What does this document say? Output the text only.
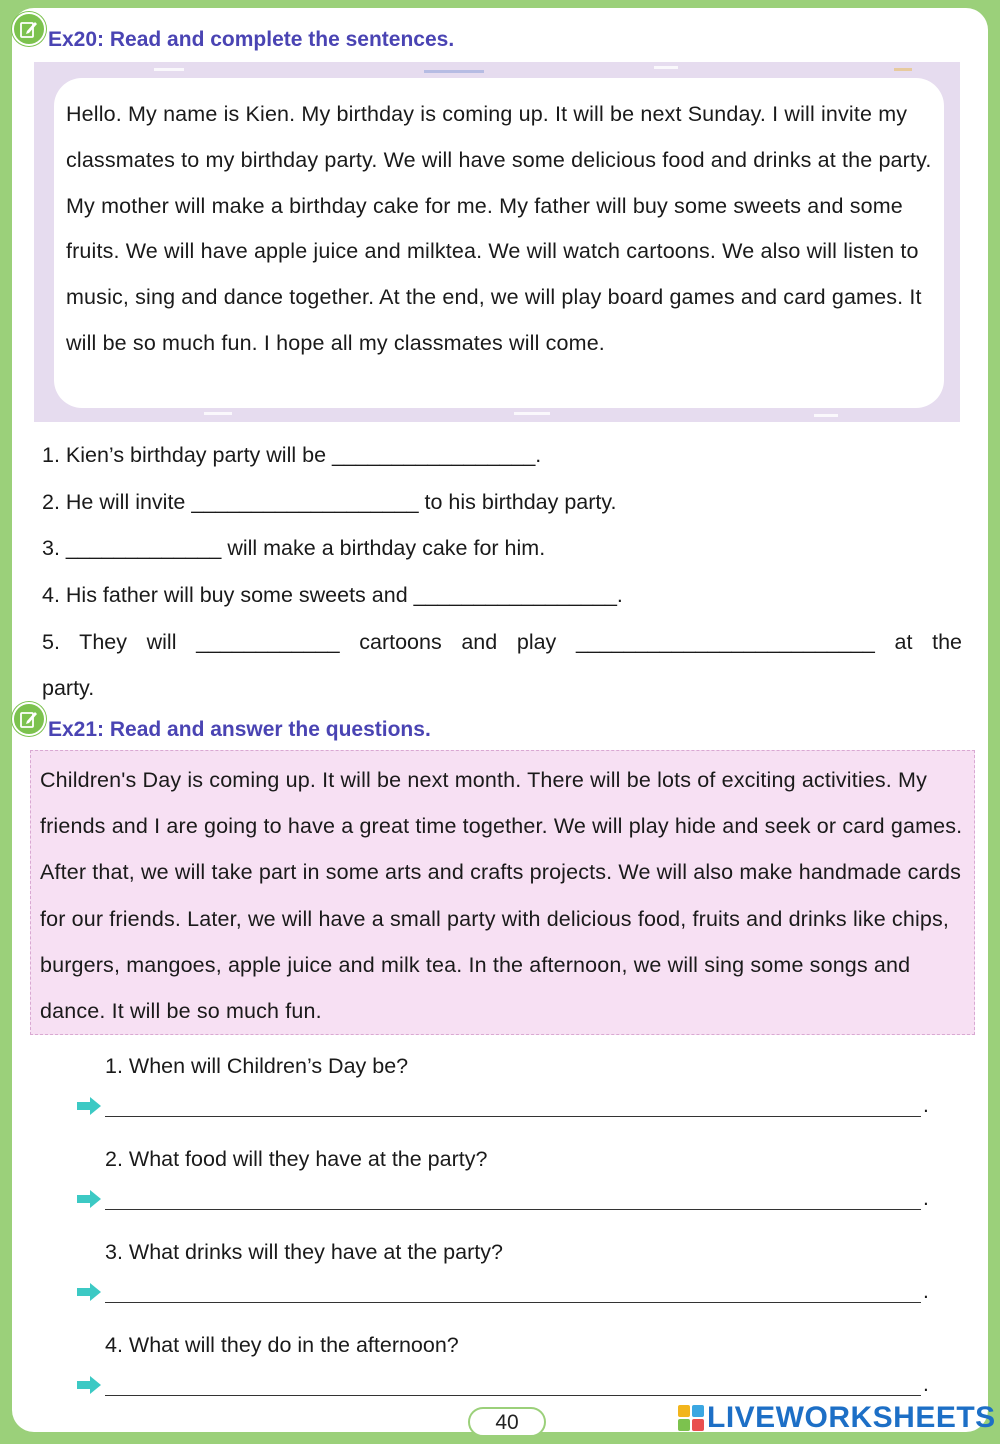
Ex20: Read and complete the sentences.
Hello. My name is Kien. My birthday is coming up. It will be next Sunday. I will invite my classmates to my birthday party. We will have some delicious food and drinks at the party. My mother will make a birthday cake for me. My father will buy some sweets and some fruits. We will have apple juice and milktea. We will watch cartoons. We also will listen to music, sing and dance together. At the end, we will play board games and card games. It will be so much fun. I hope all my classmates will come.
1. Kien’s birthday party will be _________________.
2. He will invite ___________________ to his birthday party.
3. _____________ will make a birthday cake for him.
4. His father will buy some sweets and _________________.
5. They will ____________ cartoons and play _________________________ at the
party.
Ex21: Read and answer the questions.
Children's Day is coming up. It will be next month. There will be lots of exciting activities. My friends and I are going to have a great time together. We will play hide and seek or card games. After that, we will take part in some arts and crafts projects. We will also make handmade cards for our friends. Later, we will have a small party with delicious food, fruits and drinks like chips, burgers, mangoes, apple juice and milk tea. In the afternoon, we will sing some songs and dance. It will be so much fun.
1. When will Children’s Day be?
.
2. What food will they have at the party?
.
3. What drinks will they have at the party?
.
4. What will they do in the afternoon?
.
40	LIVEWORKSHEETS
